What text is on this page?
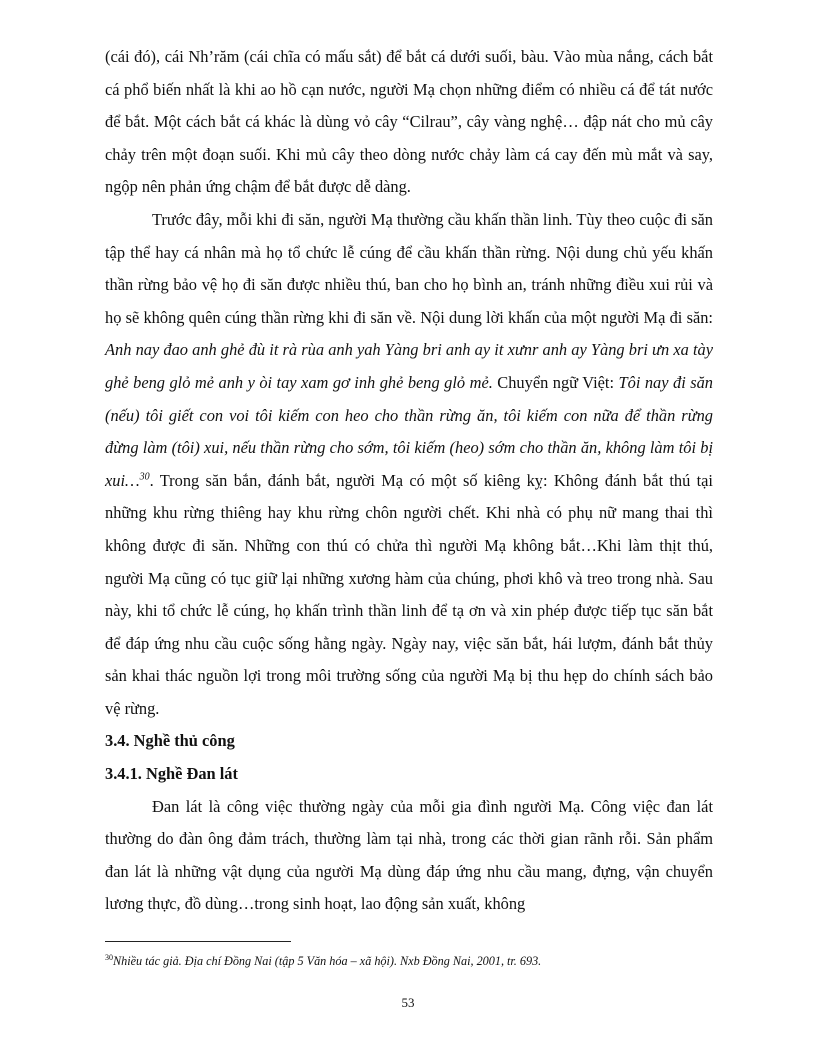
(cái đó), cái Nh’răm (cái chĩa có mấu sắt) để bắt cá dưới suối, bàu. Vào mùa nắng, cách bắt cá phổ biến nhất là khi ao hồ cạn nước, người Mạ chọn những điểm có nhiều cá để tát nước để bắt. Một cách bắt cá khác là dùng vỏ cây “Cilrau”, cây vàng nghệ… đập nát cho mủ cây chảy trên một đoạn suối. Khi mủ cây theo dòng nước chảy làm cá cay đến mù mắt và say, ngộp nên phản ứng chậm để bắt được dễ dàng.

Trước đây, mỗi khi đi săn, người Mạ thường cầu khấn thần linh. Tùy theo cuộc đi săn tập thể hay cá nhân mà họ tổ chức lễ cúng để cầu khấn thần rừng. Nội dung chủ yếu khấn thần rừng bảo vệ họ đi săn được nhiều thú, ban cho họ bình an, tránh những điều xui rủi và họ sẽ không quên cúng thần rừng khi đi săn về. Nội dung lời khấn của một người Mạ đi săn: Anh nay đao anh ghẻ đù it rà rùa anh yah Yàng bri anh ay it xưnr anh ay Yàng bri ưn xa tày ghẻ beng glỏ mẻ anh y òi tay xam gơ inh ghẻ beng glỏ mẻ. Chuyển ngữ Việt: Tôi nay đi săn (nếu) tôi giết con voi tôi kiếm con heo cho thần rừng ăn, tôi kiếm con nữa để thần rừng đừng làm (tôi) xui, nếu thần rừng cho sớm, tôi kiếm (heo) sớm cho thần ăn, không làm tôi bị xui…$^{30}$. Trong săn bắn, đánh bắt, người Mạ có một số kiêng kỵ: Không đánh bắt thú tại những khu rừng thiêng hay khu rừng chôn người chết. Khi nhà có phụ nữ mang thai thì không được đi săn. Những con thú có chửa thì người Mạ không bắt…Khi làm thịt thú, người Mạ cũng có tục giữ lại những xương hàm của chúng, phơi khô và treo trong nhà. Sau này, khi tổ chức lễ cúng, họ khấn trình thần linh để tạ ơn và xin phép được tiếp tục săn bắt để đáp ứng nhu cầu cuộc sống hằng ngày. Ngày nay, việc săn bắt, hái lượm, đánh bắt thủy sản khai thác nguồn lợi trong môi trường sống của người Mạ bị thu hẹp do chính sách bảo vệ rừng.

3.4. Nghề thủ công

3.4.1. Nghề Đan lát

Đan lát là công việc thường ngày của mỗi gia đình người Mạ. Công việc đan lát thường do đàn ông đảm trách, thường làm tại nhà, trong các thời gian rãnh rỗi. Sản phẩm đan lát là những vật dụng của người Mạ dùng đáp ứng nhu cầu mang, đựng, vận chuyển lương thực, đồ dùng…trong sinh hoạt, lao động sản xuất, không

$^{30}$Nhiều tác giả. Địa chí Đồng Nai (tập 5 Văn hóa – xã hội). Nxb Đồng Nai, 2001, tr. 693.
53
